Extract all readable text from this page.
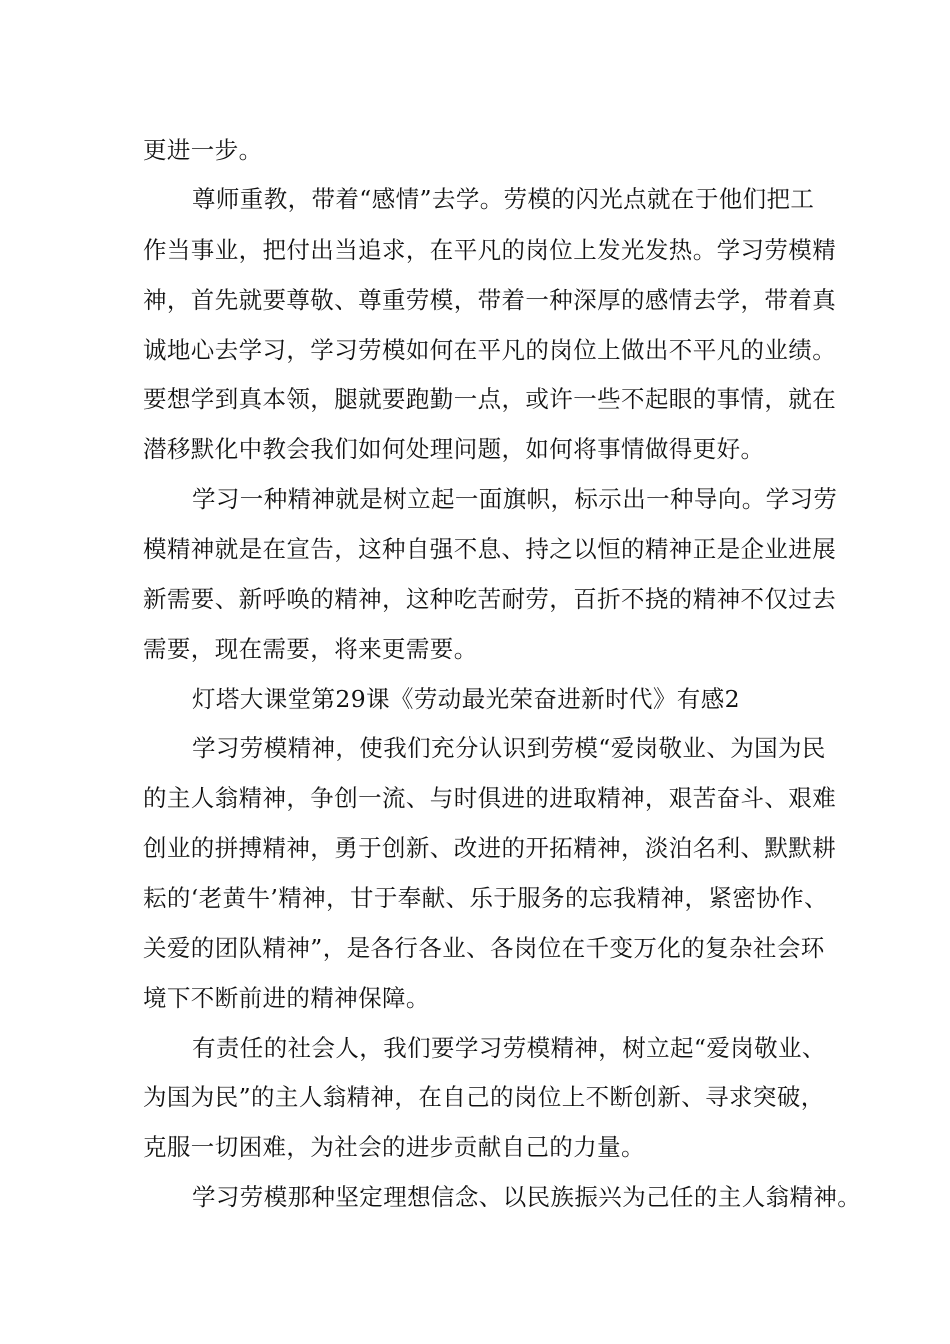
更进一步。

尊师重教，带着“感情”去学。劳模的闪光点就在于他们把工

作当事业，把付出当追求，在平凡的岗位上发光发热。学习劳模精

神，首先就要尊敬、尊重劳模，带着一种深厚的感情去学，带着真

诚地心去学习，学习劳模如何在平凡的岗位上做出不平凡的业绩。

要想学到真本领，腿就要跑勤一点，或许一些不起眼的事情，就在

潜移默化中教会我们如何处理问题，如何将事情做得更好。

学习一种精神就是树立起一面旗帜，标示出一种导向。学习劳

模精神就是在宣告，这种自强不息、持之以恒的精神正是企业进展

新需要、新呼唤的精神，这种吃苦耐劳，百折不挠的精神不仅过去

需要，现在需要，将来更需要。

灯塔大课堂第29课《劳动最光荣奋进新时代》有感2

学习劳模精神，使我们充分认识到劳模“爱岗敬业、为国为民

的主人翁精神，争创一流、与时俱进的进取精神，艰苦奋斗、艰难

创业的拼搏精神，勇于创新、改进的开拓精神，淡泊名利、默默耕

耘的‘老黄牛’精神，甘于奉献、乐于服务的忘我精神，紧密协作、

关爱的团队精神”，是各行各业、各岗位在千变万化的复杂社会环

境下不断前进的精神保障。

有责任的社会人，我们要学习劳模精神，树立起“爱岗敬业、

为国为民”的主人翁精神，在自己的岗位上不断创新、寻求突破，

克服一切困难，为社会的进步贡献自己的力量。

学习劳模那种坚定理想信念、以民族振兴为己任的主人翁精神。
